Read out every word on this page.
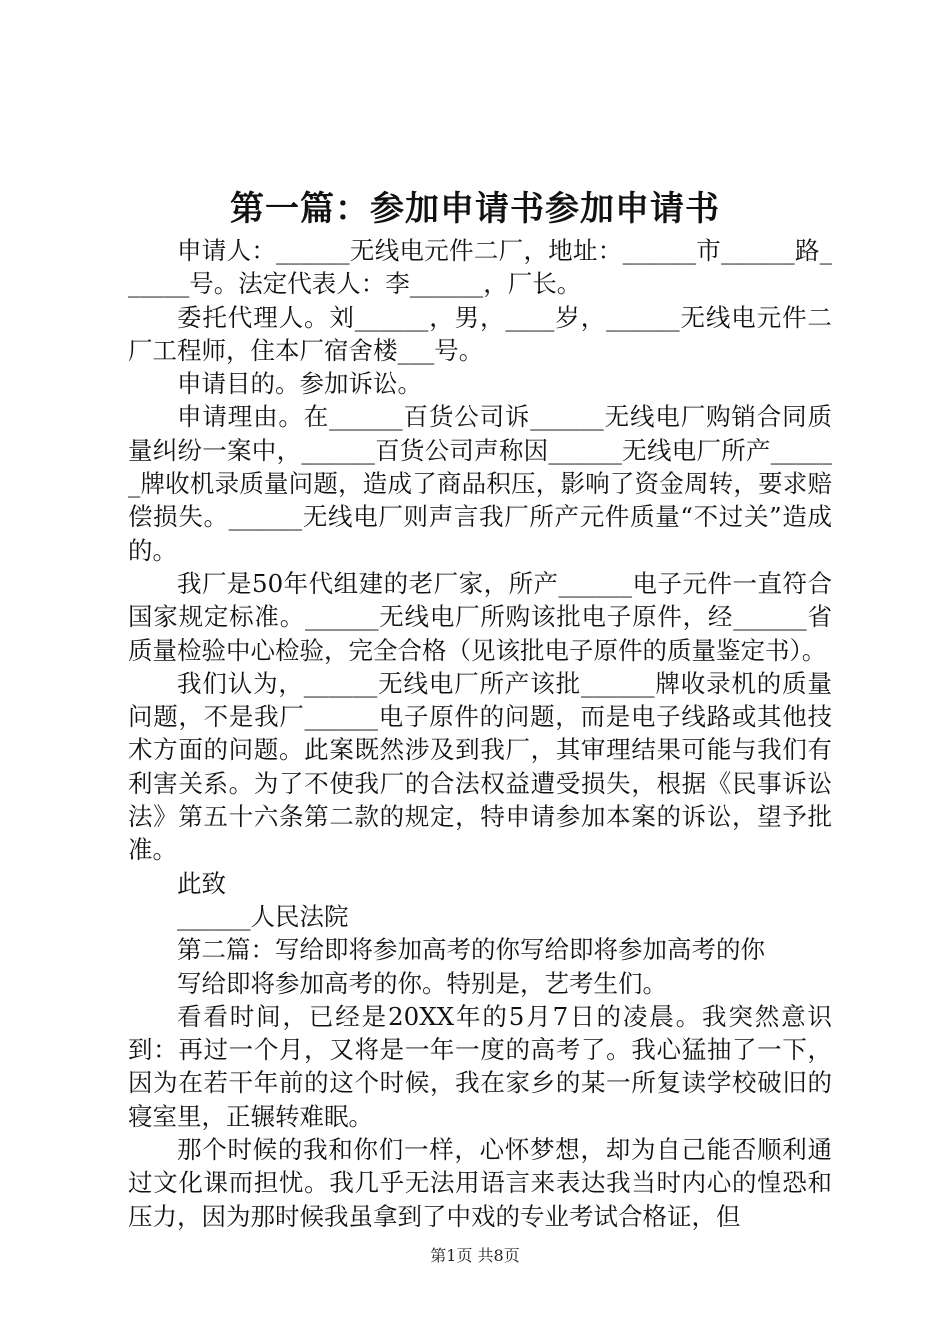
第一篇：参加申请书参加申请书

申请人：______无线电元件二厂，地址：______市______路______号。法定代表人：李______，厂长。

委托代理人。刘______，男，____岁，______无线电元件二厂工程师，住本厂宿舍楼___号。

申请目的。参加诉讼。

申请理由。在______百货公司诉______无线电厂购销合同质量纠纷一案中，______百货公司声称因______无线电厂所产______牌收机录质量问题，造成了商品积压，影响了资金周转，要求赔偿损失。______无线电厂则声言我厂所产元件质量“不过关”造成的。

我厂是50年代组建的老厂家，所产______电子元件一直符合国家规定标准。______无线电厂所购该批电子原件，经______省质量检验中心检验，完全合格（见该批电子原件的质量鉴定书）。

我们认为，______无线电厂所产该批______牌收录机的质量问题，不是我厂______电子原件的问题，而是电子线路或其他技术方面的问题。此案既然涉及到我厂，其审理结果可能与我们有利害关系。为了不使我厂的合法权益遭受损失，根据《民事诉讼法》第五十六条第二款的规定，特申请参加本案的诉讼，望予批准。

此致

______人民法院

第二篇：写给即将参加高考的你写给即将参加高考的你

写给即将参加高考的你。特别是，艺考生们。

看看时间，已经是20XX年的5月7日的凌晨。我突然意识到：再过一个月，又将是一年一度的高考了。我心猛抽了一下，因为在若干年前的这个时候，我在家乡的某一所复读学校破旧的寝室里，正辗转难眠。

那个时候的我和你们一样，心怀梦想，却为自己能否顺利通过文化课而担忧。我几乎无法用语言来表达我当时内心的惶恐和压力，因为那时候我虽拿到了中戏的专业考试合格证，但

第1页 共8页
